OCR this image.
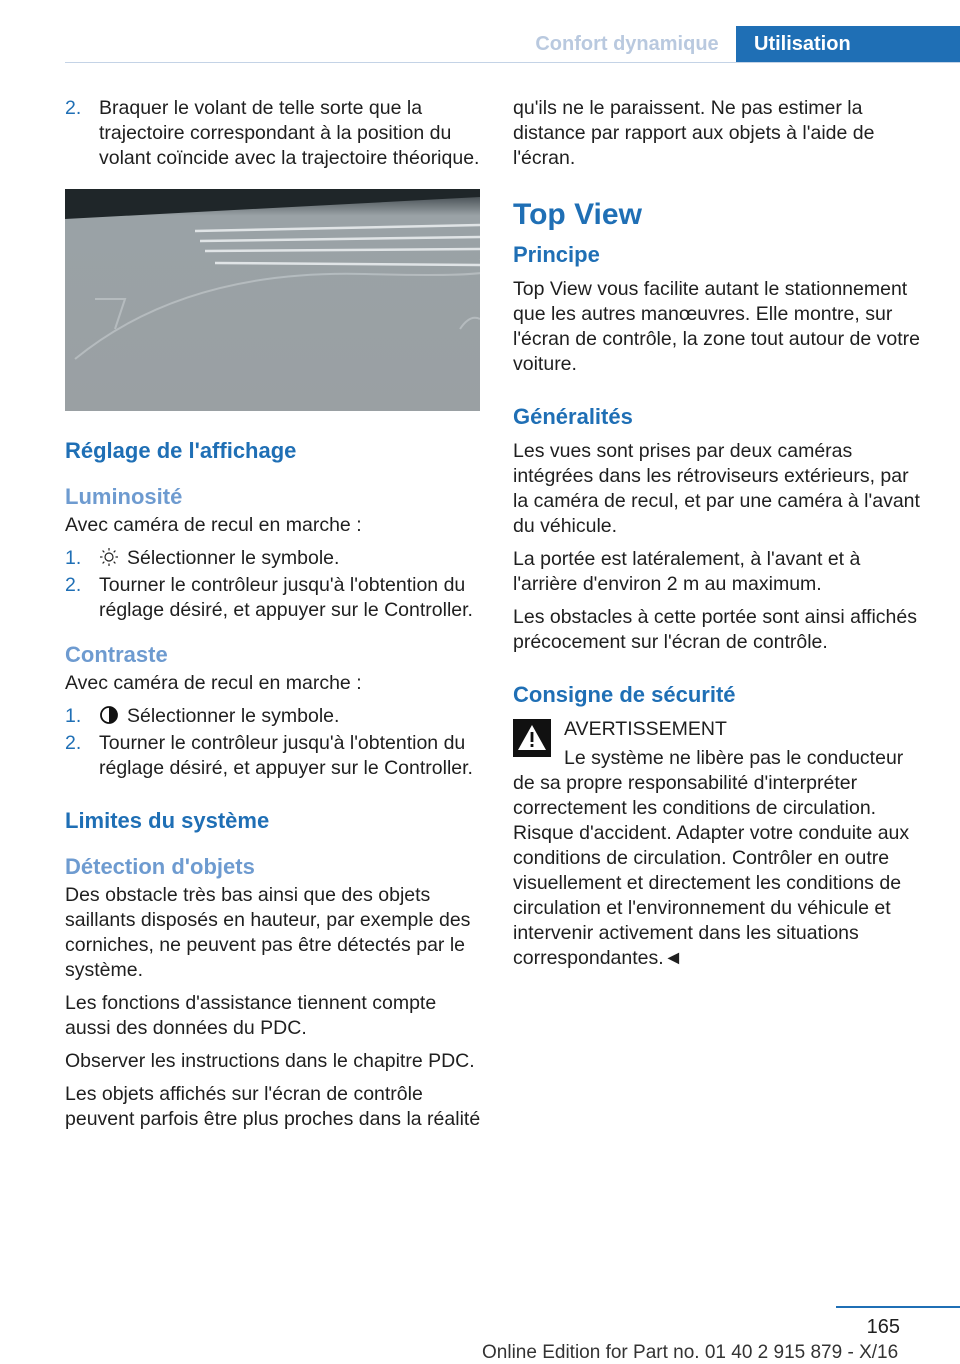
Confort dynamique	Utilisation
2. Braquer le volant de telle sorte que la trajectoire correspondant à la position du volant coïncide avec la trajectoire théorique.
Réglage de l'affichage
Luminosité

Avec caméra de recul en marche :

1.	Sélectionner le symbole.
2. Tourner le contrôleur jusqu'à l'obtention du réglage désiré, et appuyer sur le Controller.
Contraste

Avec caméra de recul en marche :

1.	Sélectionner le symbole.
2. Tourner le contrôleur jusqu'à l'obtention du réglage désiré, et appuyer sur le Controller.
Limites du système
Détection d'objets

Des obstacle très bas ainsi que des objets saillants disposés en hauteur, par exemple des corniches, ne peuvent pas être détectés par le système.

Les fonctions d'assistance tiennent compte aussi des données du PDC.

Observer les instructions dans le chapitre PDC.

Les objets affichés sur l'écran de contrôle peuvent parfois être plus proches dans la réalité

qu'ils ne le paraissent. Ne pas estimer la distance par rapport aux objets à l'aide de l'écran.

Top View
Principe

Top View vous facilite autant le stationnement que les autres manœuvres. Elle montre, sur l'écran de contrôle, la zone tout autour de votre voiture.

Généralités

Les vues sont prises par deux caméras intégrées dans les rétroviseurs extérieurs, par la caméra de recul, et par une caméra à l'avant du véhicule.

La portée est latéralement, à l'avant et à l'arrière d'environ 2 m au maximum.

Les obstacles à cette portée sont ainsi affichés précocement sur l'écran de contrôle.

Consigne de sécurité

AVERTISSEMENT

Le système ne libère pas le conducteur de sa propre responsabilité d'interpréter correctement les conditions de circulation. Risque d'accident. Adapter votre conduite aux conditions de circulation. Contrôler en outre visuellement et directement les conditions de circulation et l'environnement du véhicule et intervenir activement dans les situations correspondantes.◄

165
Online Edition for Part no. 01 40 2 915 879 - X/16
